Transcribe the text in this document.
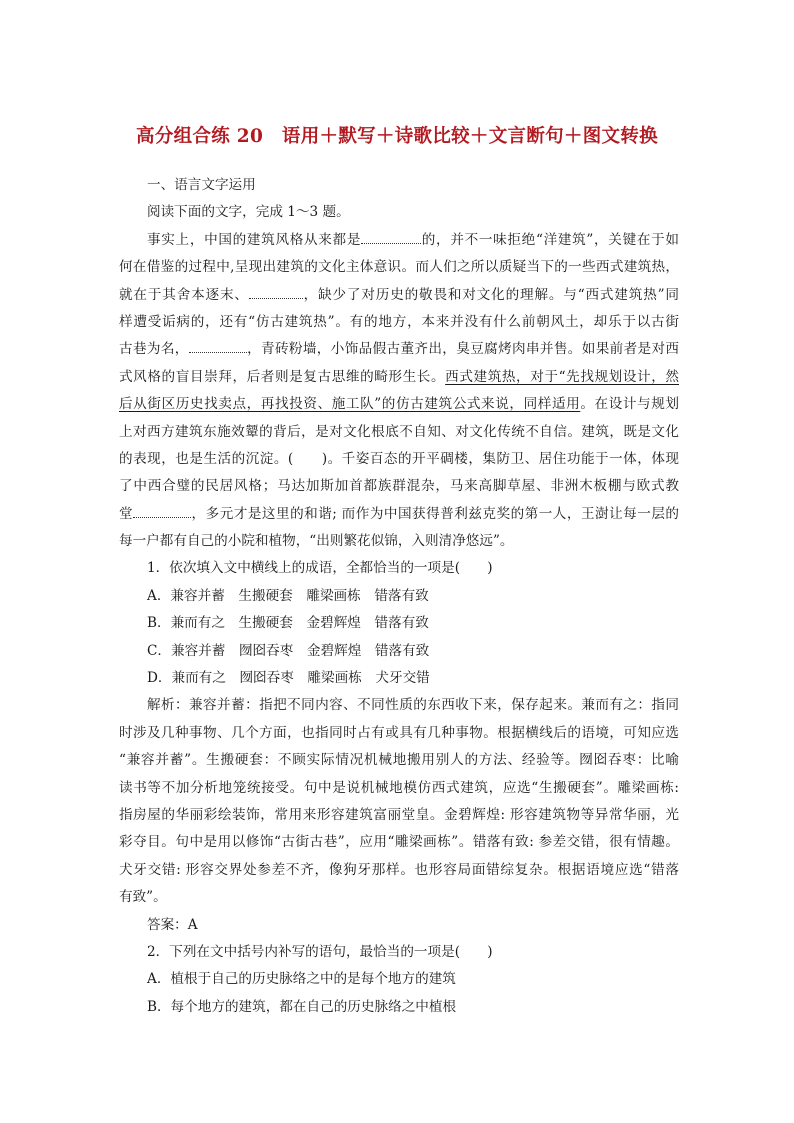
高分组合练 20　语用＋默写＋诗歌比较＋文言断句＋图文转换
一、语言文字运用
阅读下面的文字，完成 1～3 题。
事实上，中国的建筑风格从来都是	的，并不一味拒绝“洋建筑”，关键在于如
何在借鉴的过程中,呈现出建筑的文化主体意识。而人们之所以质疑当下的一些西式建筑热，
就在于其舍本逐末、	，缺少了对历史的敬畏和对文化的理解。与“西式建筑热”同
样遭受诟病的，还有“仿古建筑热”。有的地方，本来并没有什么前朝风土，却乐于以古街
古巷为名，	，青砖粉墙，小饰品假古董齐出，臭豆腐烤肉串并售。如果前者是对西
式风格的盲目崇拜，后者则是复古思维的畸形生长。西式建筑热，对于“先找规划设计，然
后从街区历史找卖点，再找投资、施工队”的仿古建筑公式来说，同样适用。在设计与规划
上对西方建筑东施效颦的背后，是对文化根底不自知、对文化传统不自信。建筑，既是文化
的表现，也是生活的沉淀。(　　)。千姿百态的开平碉楼，集防卫、居住功能于一体，体现
了中西合璧的民居风格；马达加斯加首都族群混杂，马来高脚草屋、非洲木板棚与欧式教
堂	，多元才是这里的和谐; 而作为中国获得普利兹克奖的第一人，王澍让每一层的
每一户都有自己的小院和植物，“出则繁花似锦，入则清净悠远”。
1．依次填入文中横线上的成语，全都恰当的一项是(　　)
A．兼容并蓄　生搬硬套　雕梁画栋　错落有致
B．兼而有之　生搬硬套　金碧辉煌　错落有致
C．兼容并蓄　囫囵吞枣　金碧辉煌　错落有致
D．兼而有之　囫囵吞枣　雕梁画栋　犬牙交错
解析：兼容并蓄：指把不同内容、不同性质的东西收下来，保存起来。兼而有之：指同
时涉及几种事物、几个方面，也指同时占有或具有几种事物。根据横线后的语境，可知应选
“兼容并蓄”。生搬硬套：不顾实际情况机械地搬用别人的方法、经验等。囫囵吞枣：比喻
读书等不加分析地笼统接受。句中是说机械地模仿西式建筑，应选“生搬硬套”。雕梁画栋:
指房屋的华丽彩绘装饰，常用来形容建筑富丽堂皇。金碧辉煌: 形容建筑物等异常华丽，光
彩夺目。句中是用以修饰“古街古巷”，应用“雕梁画栋”。错落有致: 参差交错，很有情趣。
犬牙交错: 形容交界处参差不齐，像狗牙那样。也形容局面错综复杂。根据语境应选“错落
有致”。
答案：A
2．下列在文中括号内补写的语句，最恰当的一项是(　　)
A．植根于自己的历史脉络之中的是每个地方的建筑
B．每个地方的建筑，都在自己的历史脉络之中植根
